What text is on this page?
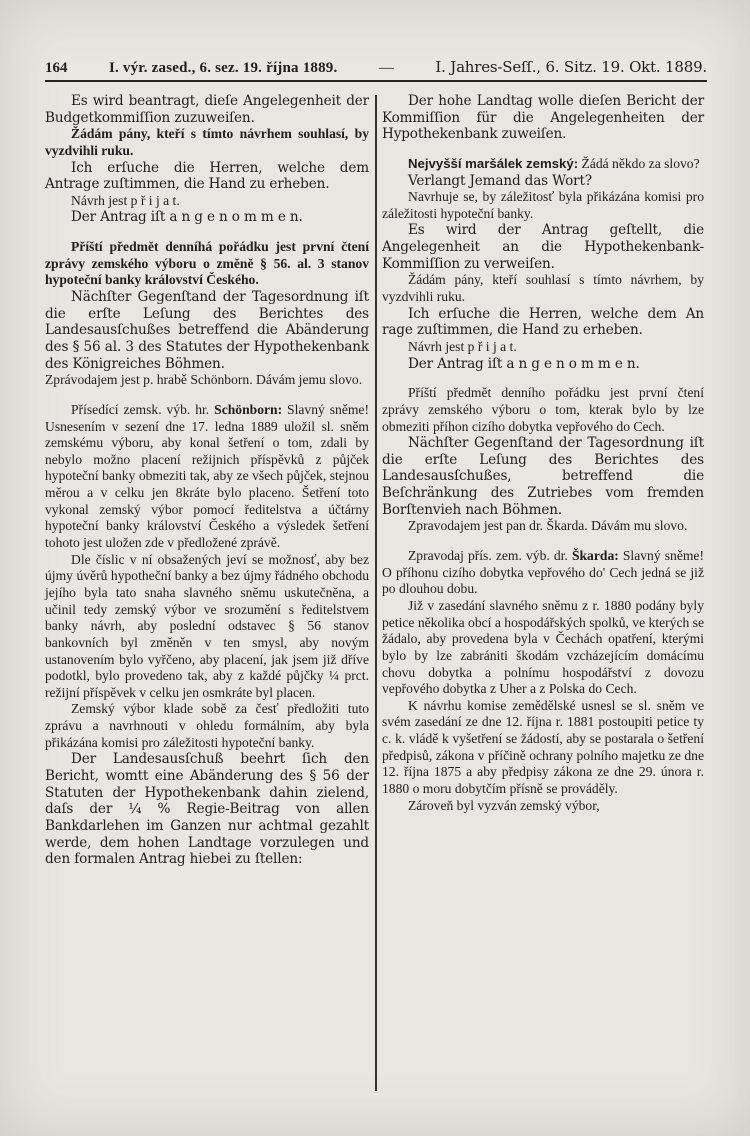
164	I. výr. zased., 6. sez. 19. října 1889.	—	I. Jahres-Seſſ., 6. Sitz. 19. Okt. 1889.

Es wird beantragt, dieſe Angelegenheit der Budgetkommiſſion zuzuweiſen.

Žádám pány, kteří s tímto návrhem souhlasí, by vyzdvihli ruku.

Ich erſuche die Herren, welche dem Antrage zuſtimmen, die Hand zu erheben.

Návrh jest p ř i j a t.

Der Antrag iſt a n g e n o m m e n.

Příští předmět denníhá pořádku jest první čtení zprávy zemského výboru o změně § 56. al. 3 stanov hypoteční banky království Českého.

Nächſter Gegenſtand der Tagesordnung iſt die erſte Leſung des Berichtes des Landesausſchußes betreffend die Abänderung des § 56 al. 3 des Statutes der Hypothekenbank des Königreiches Böhmen.

Zprávodajem jest p. hrabě Schönborn. Dávám jemu slovo.

Přísedící zemsk. výb. hr. Schönborn: Slavný sněme! Usnesením v sezení dne 17. ledna 1889 uložil sl. sněm zemskému výboru, aby konal šetření o tom, zdali by nebylo možno placení režijnich příspěvků z půjček hypoteční banky obmeziti tak, aby ze všech půjček, stejnou měrou a v celku jen 8kráte bylo placeno. Šetření toto vykonal zemský výbor pomocí ředitelstva a účtárny hypoteční banky království Českého a výsledek šetření tohoto jest uložen zde v předložené zprávě.

Dle číslic v ní obsažených jeví se možnosť, aby bez újmy úvěrů hypotheční banky a bez újmy řádného obchodu jejího byla tato snaha slavného sněmu uskutečněna, a učinil tedy zemský výbor ve srozumění s ředitelstvem banky návrh, aby poslední odstavec § 56 stanov bankovních byl změněn v ten smysl, aby novým ustanovením bylo vyřčeno, aby placení, jak jsem již dříve podotkl, bylo provedeno tak, aby z každé půjčky ¼ prct. režijní příspěvek v celku jen osmkráte byl placen.

Zemský výbor klade sobě za česť předložiti tuto zprávu a navrhnouti v ohledu formálním, aby byla přikázána komisi pro záležitosti hypoteční banky.

Der Landesausſchuß beehrt ſich den Bericht, womtt eine Abänderung des § 56 der Statuten der Hypothekenbank dahin zielend, daſs der ¼ % Regie-Beitrag von allen Bankdarlehen im Ganzen nur achtmal gezahlt werde, dem hohen Landtage vorzulegen und den formalen Antrag hiebei zu ſtellen:

Der hohe Landtag wolle dieſen Bericht der Kommiſſion für die Angelegenheiten der Hypothekenbank zuweiſen.

Nejvyšší maršálek zemský: Žádá někdo za slovo?

Verlangt Jemand das Wort?

Navrhuje se, by záležitosť byla přikázána komisi pro záležitosti hypoteční banky.

Es wird der Antrag geſtellt, die Angelegenheit an die Hypothekenbank-Kommiſſion zu verweiſen.

Žádám pány, kteří souhlasí s tímto návrhem, by vyzdvihli ruku.

Ich erſuche die Herren, welche dem An rage zuſtimmen, die Hand zu erheben.

Návrh jest p ř i j a t.

Der Antrag iſt a n g e n o m m e n.

Příští předmět denního pořádku jest první čtení zprávy zemského výboru o tom, kterak bylo by lze obmeziti příhon cizího dobytka vepřového do Cech.

Nächſter Gegenſtand der Tagesordnung iſt die erſte Leſung des Berichtes des Landesausſchußes, betreffend die Beſchränkung des Zutriebes vom fremden Borſtenvieh nach Böhmen.

Zpravodajem jest pan dr. Škarda. Dávám mu slovo.

Zpravodaj přís. zem. výb. dr. Škarda: Slavný sněme! O příhonu cizího dobytka vepřového do' Cech jedná se již po dlouhou dobu.

Již v zasedání slavného sněmu z r. 1880 podány byly petice několika obcí a hospodářských spolků, ve kterých se žádalo, aby provedena byla v Čechách opatření, kterými bylo by lze zabrániti škodám vzcházejícím domácímu chovu dobytka a polnímu hospodářství z dovozu vepřového dobytka z Uher a z Polska do Cech.

K návrhu komise zemědělské usnesl se sl. sněm ve svém zasedání ze dne 12. října r. 1881 postoupiti petice ty c. k. vládě k vyšetření se žádostí, aby se postarala o šetření předpisů, zákona v příčině ochrany polního majetku ze dne 12. října 1875 a aby předpisy zákona ze dne 29. února r. 1880 o moru dobytčím přísně se prováděly.

Zároveň byl vyzván zemský výbor,
